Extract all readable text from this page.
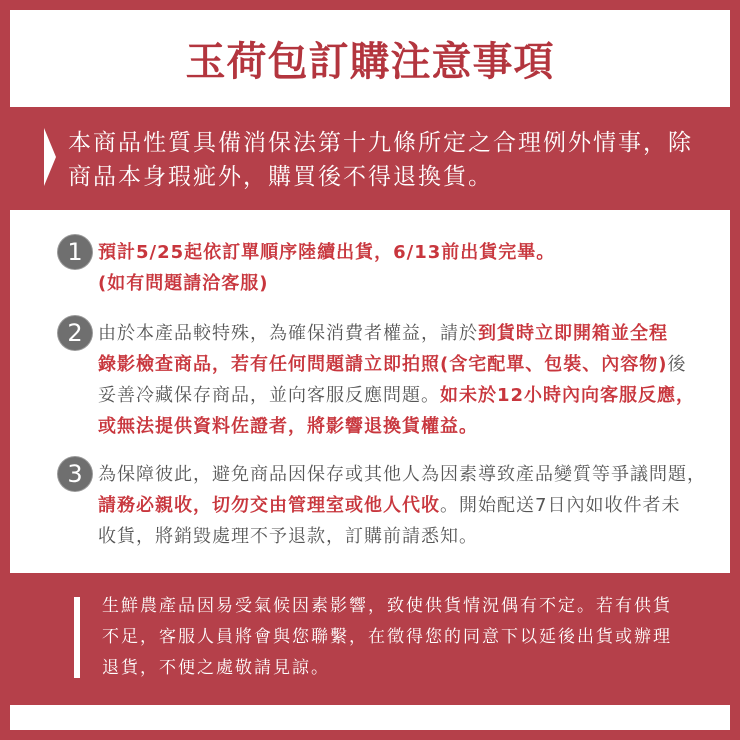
玉荷包訂購注意事項
本商品性質具備消保法第十九條所定之合理例外情事，除
商品本身瑕疵外，購買後不得退換貨。
1 預計5/25起依訂單順序陸續出貨，6/13前出貨完畢。
(如有問題請洽客服)
2 由於本產品較特殊，為確保消費者權益，請於到貨時立即開箱並全程
錄影檢查商品，若有任何問題請立即拍照(含宅配單、包裝、內容物)後
妥善冷藏保存商品，並向客服反應問題。如未於12小時內向客服反應，
或無法提供資料佐證者，將影響退換貨權益。
3 為保障彼此，避免商品因保存或其他人為因素導致產品變質等爭議問題，
請務必親收，切勿交由管理室或他人代收。開始配送7日內如收件者未
收貨，將銷毀處理不予退款，訂購前請悉知。
生鮮農產品因易受氣候因素影響，致使供貨情況偶有不定。若有供貨
不足，客服人員將會與您聯繫，在徵得您的同意下以延後出貨或辦理
退貨，不便之處敬請見諒。
